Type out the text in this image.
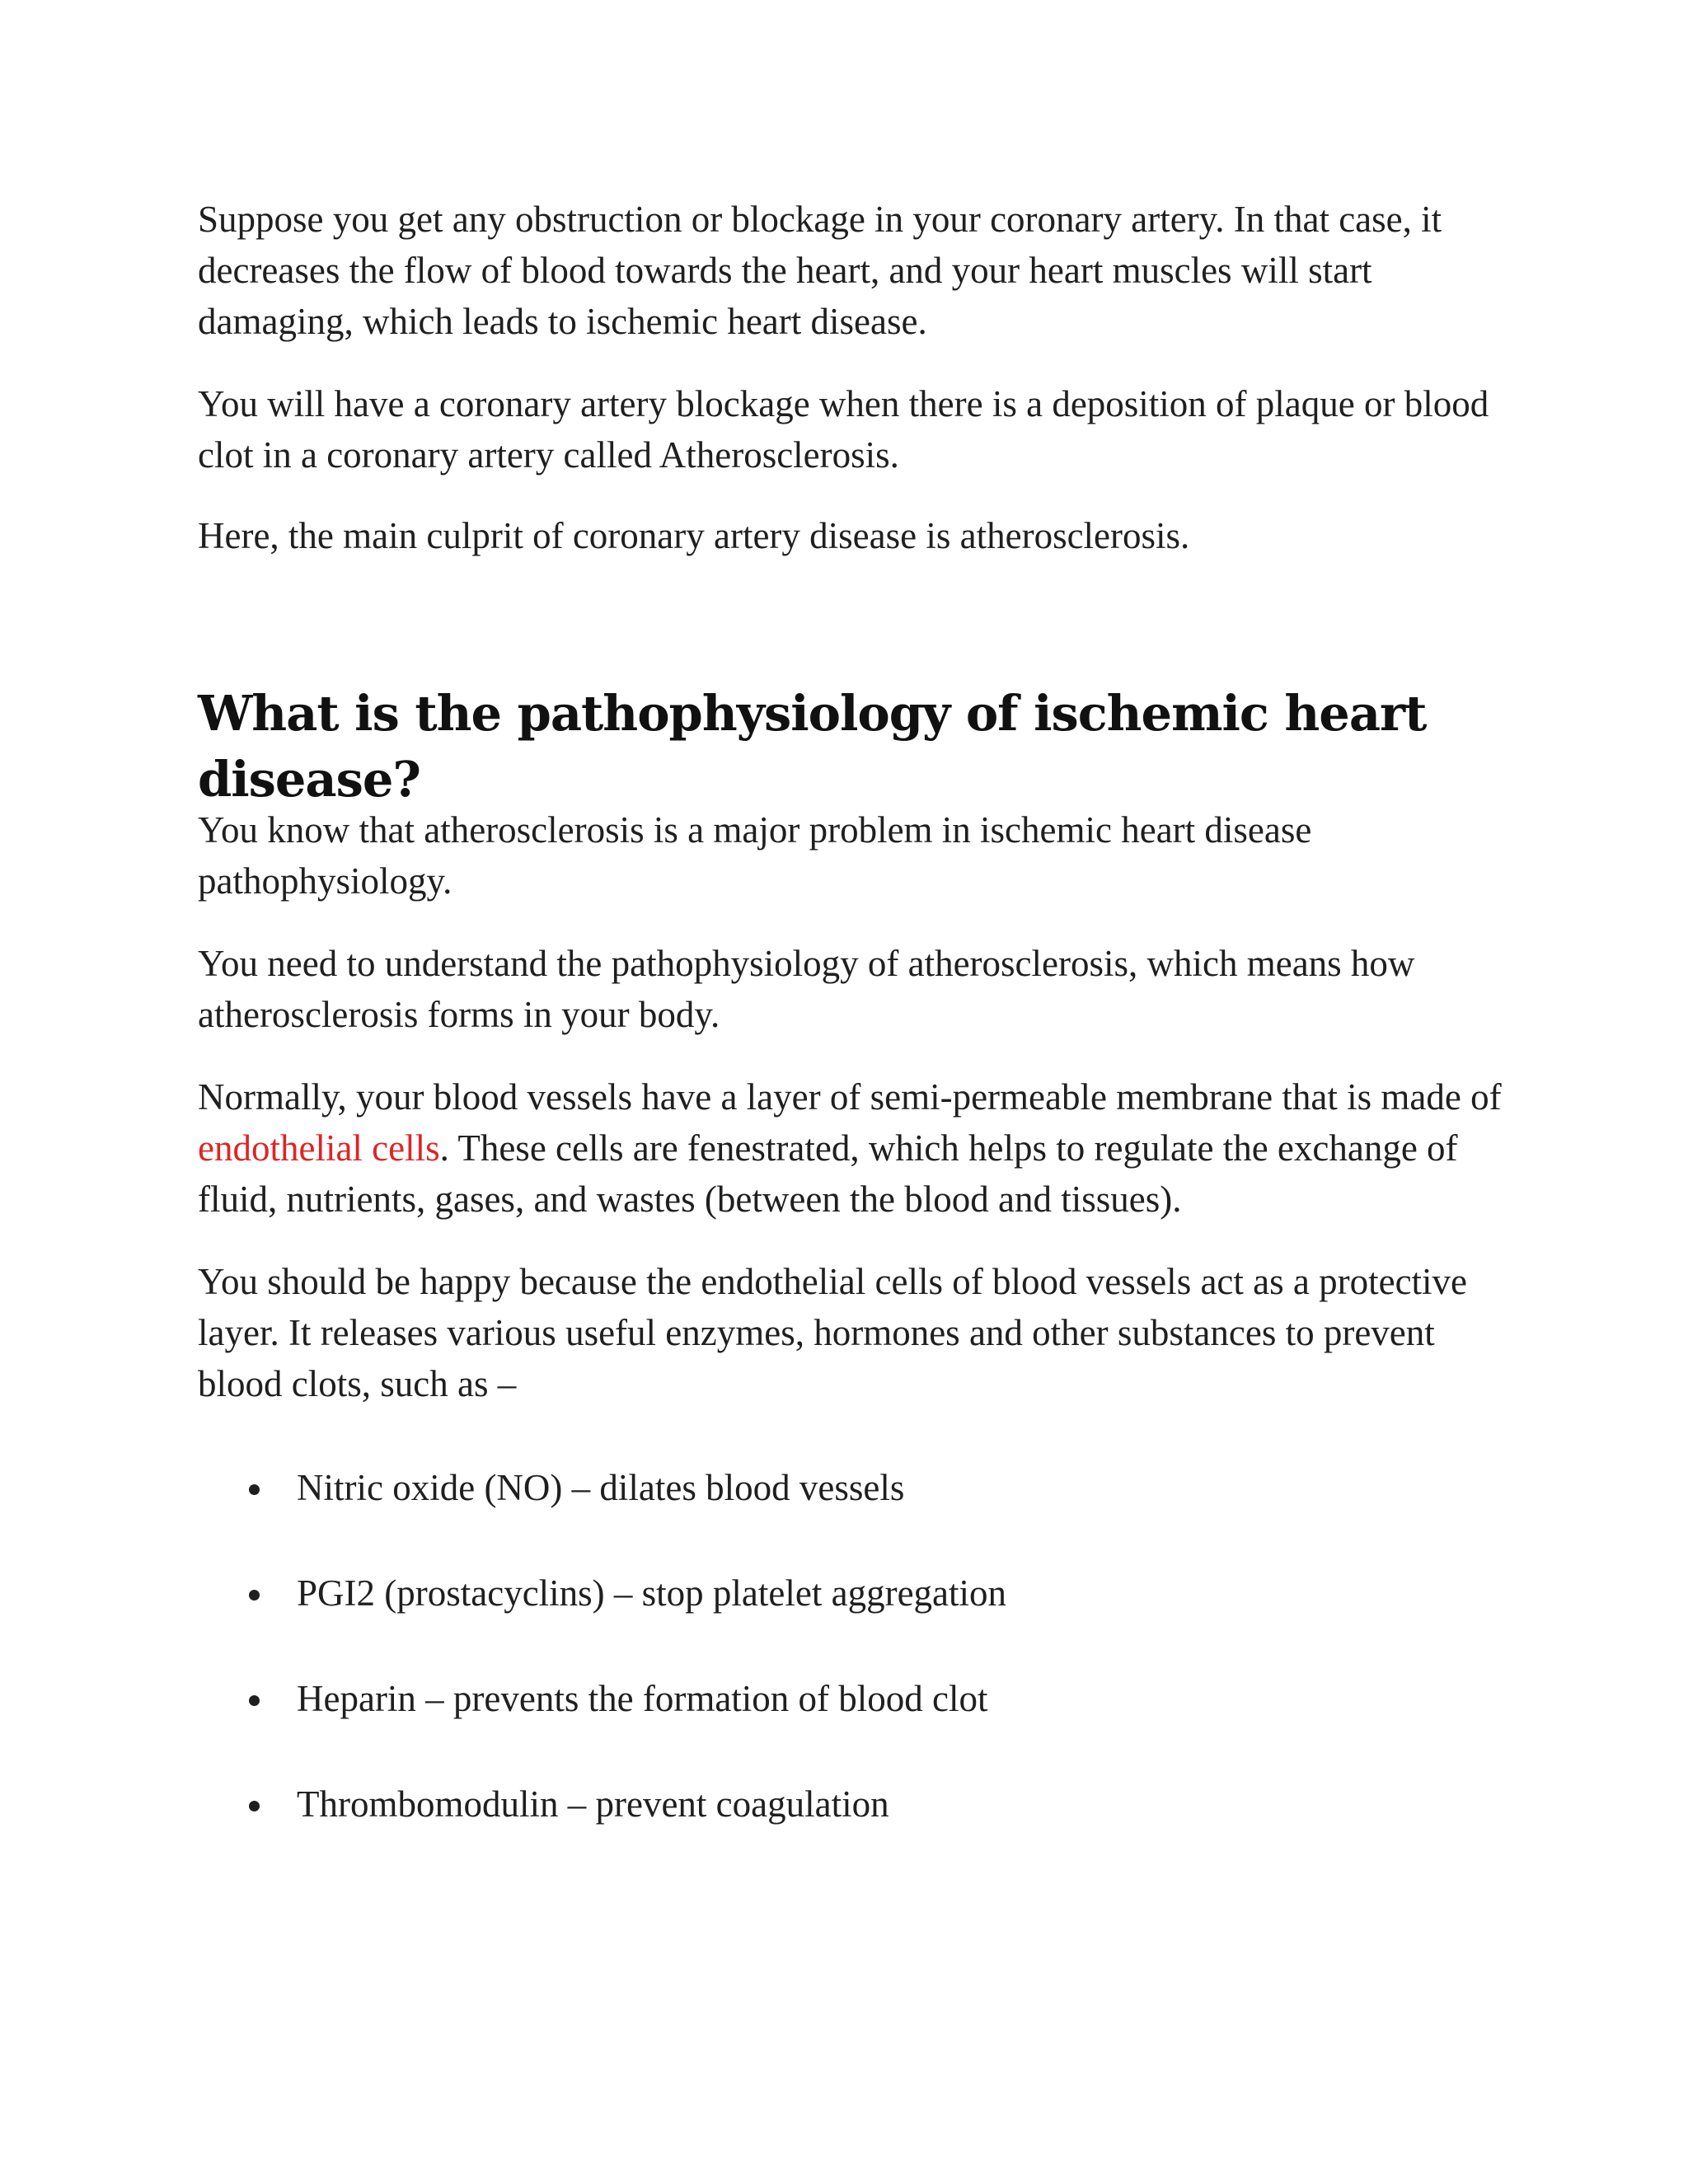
Suppose you get any obstruction or blockage in your coronary artery. In that case, it decreases the flow of blood towards the heart, and your heart muscles will start damaging, which leads to ischemic heart disease.

You will have a coronary artery blockage when there is a deposition of plaque or blood clot in a coronary artery called Atherosclerosis.

Here, the main culprit of coronary artery disease is atherosclerosis.

What is the pathophysiology of ischemic heart disease?

You know that atherosclerosis is a major problem in ischemic heart disease pathophysiology.

You need to understand the pathophysiology of atherosclerosis, which means how atherosclerosis forms in your body.

Normally, your blood vessels have a layer of semi-permeable membrane that is made of endothelial cells. These cells are fenestrated, which helps to regulate the exchange of fluid, nutrients, gases, and wastes (between the blood and tissues).

You should be happy because the endothelial cells of blood vessels act as a protective layer. It releases various useful enzymes, hormones and other substances to prevent blood clots, such as –

Nitric oxide (NO) – dilates blood vessels
PGI2 (prostacyclins) – stop platelet aggregation
Heparin – prevents the formation of blood clot
Thrombomodulin – prevent coagulation
